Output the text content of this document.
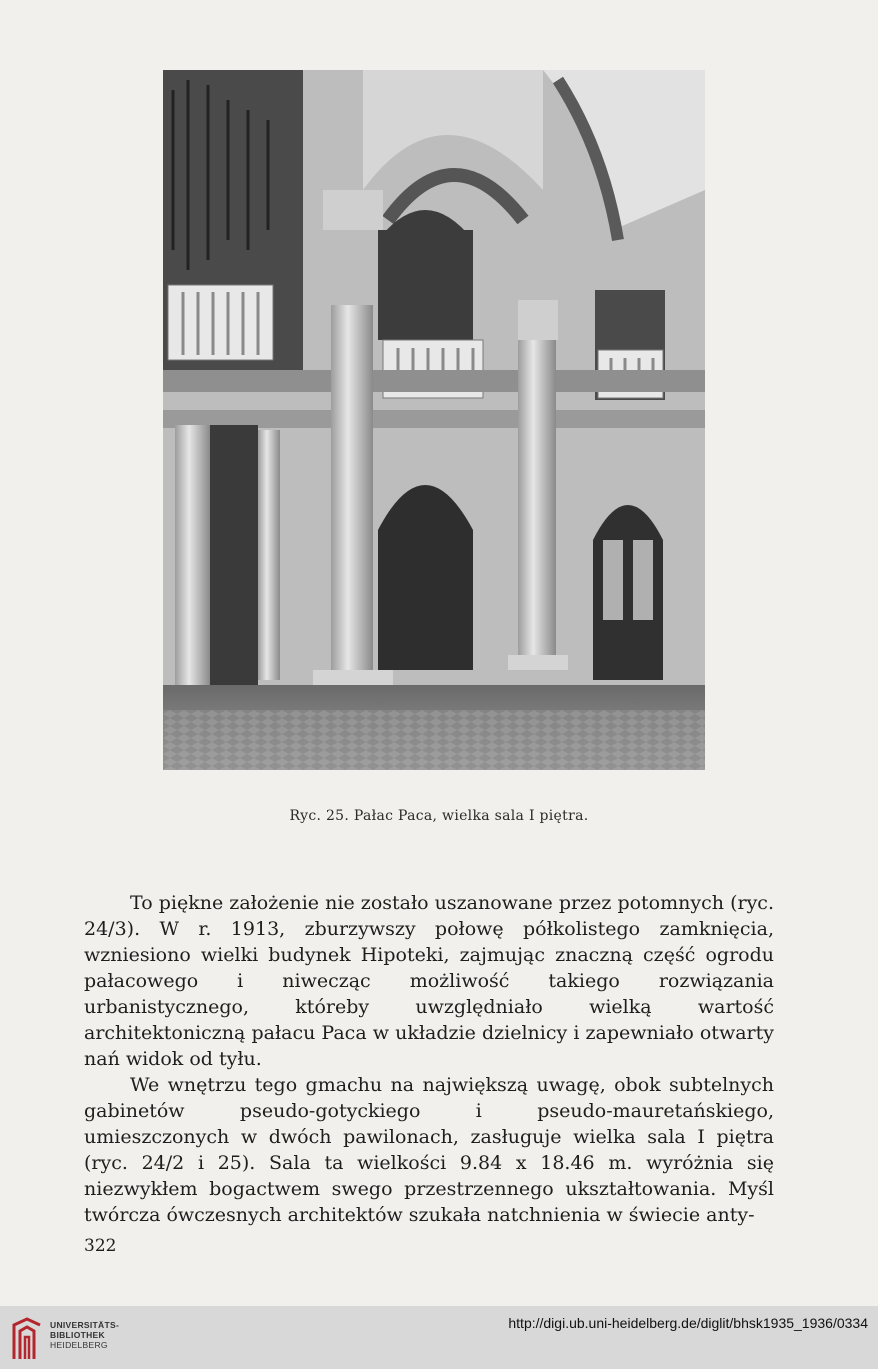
Ryc. 25. Pałac Paca, wielka sala I piętra.

To piękne założenie nie zostało uszanowane przez potomnych (ryc. 24/3). W r. 1913, zburzywszy połowę półkolistego zamknięcia, wzniesiono wielki budynek Hipoteki, zajmując znaczną część ogrodu pałacowego i niwecząc możliwość takiego rozwiązania urbanistycznego, któreby uwzględniało wielką wartość architektoniczną pałacu Paca w układzie dzielnicy i zapewniało otwarty nań widok od tyłu.

We wnętrzu tego gmachu na największą uwagę, obok subtelnych gabinetów pseudo-gotyckiego i pseudo-mauretańskiego, umieszczonych w dwóch pawilonach, zasługuje wielka sala I piętra (ryc. 24/2 i 25). Sala ta wielkości 9.84 x 18.46 m. wyróżnia się niezwykłem bogactwem swego przestrzennego ukształtowania. Myśl twórcza ówczesnych architektów szukała natchnienia w świecie anty-

322
UNIVERSITÄTS-
BIBLIOTHEK
HEIDELBERG
http://digi.ub.uni-heidelberg.de/diglit/bhsk1935_1936/0334
